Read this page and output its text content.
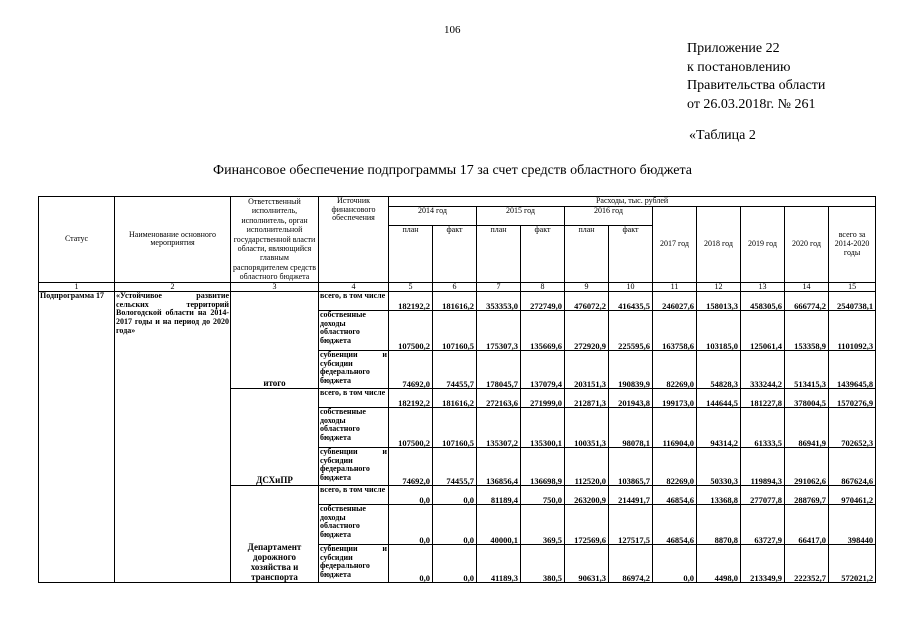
106
Приложение 22
к постановлению
Правительства области
от 26.03.2018г. № 261
«Таблица 2
Финансовое обеспечение подпрограммы 17 за счет средств областного бюджета
Статус	Наименование основного мероприятия	Ответственный исполнитель, исполнитель, орган исполнительной государственной власти области, являющийся главным распорядителем средств областного бюджета	Источник финансового обеспечения	Расходы, тыс. рублей										
				2014 год		2015 год		2016 год		2017 год	2018 год	2019 год	2020 год	всего за 2014-2020 годы
				план	факт	план	факт	план	факт					
1	2	3	4	5	6	7	8	9	10	11	12	13	14	15
Подпрограмма 17	«Устойчивое развитие сельских территорий Вологодской области на 2014-2017 годы и на период до 2020 года»	итого	всего, в том числе	182192,2	181616,2	353353,0	272749,0	476072,2	416435,5	246027,6	158013,3	458305,6	666774,2	2540738,1
			собственные доходы областного бюджета	107500,2	107160,5	175307,3	135669,6	272920,9	225595,6	163758,6	103185,0	125061,4	153358,9	1101092,3
			субвенции и субсидии федерального бюджета	74692,0	74455,7	178045,7	137079,4	203151,3	190839,9	82269,0	54828,3	333244,2	513415,3	1439645,8
		ДСХиПР	всего, в том числе	182192,2	181616,2	272163,6	271999,0	212871,3	201943,8	199173,0	144644,5	181227,8	378004,5	1570276,9
			собственные доходы областного бюджета	107500,2	107160,5	135307,2	135300,1	100351,3	98078,1	116904,0	94314,2	61333,5	86941,9	702652,3
			субвенции и субсидии федерального бюджета	74692,0	74455,7	136856,4	136698,9	112520,0	103865,7	82269,0	50330,3	119894,3	291062,6	867624,6
		Департамент дорожного хозяйства и транспорта	всего, в том числе	0,0	0,0	81189,4	750,0	263200,9	214491,7	46854,6	13368,8	277077,8	288769,7	970461,2
			собственные доходы областного бюджета	0,0	0,0	40000,1	369,5	172569,6	127517,5	46854,6	8870,8	63727,9	66417,0	398440
			субвенции и субсидии федерального бюджета	0,0	0,0	41189,3	380,5	90631,3	86974,2	0,0	4498,0	213349,9	222352,7	572021,2
